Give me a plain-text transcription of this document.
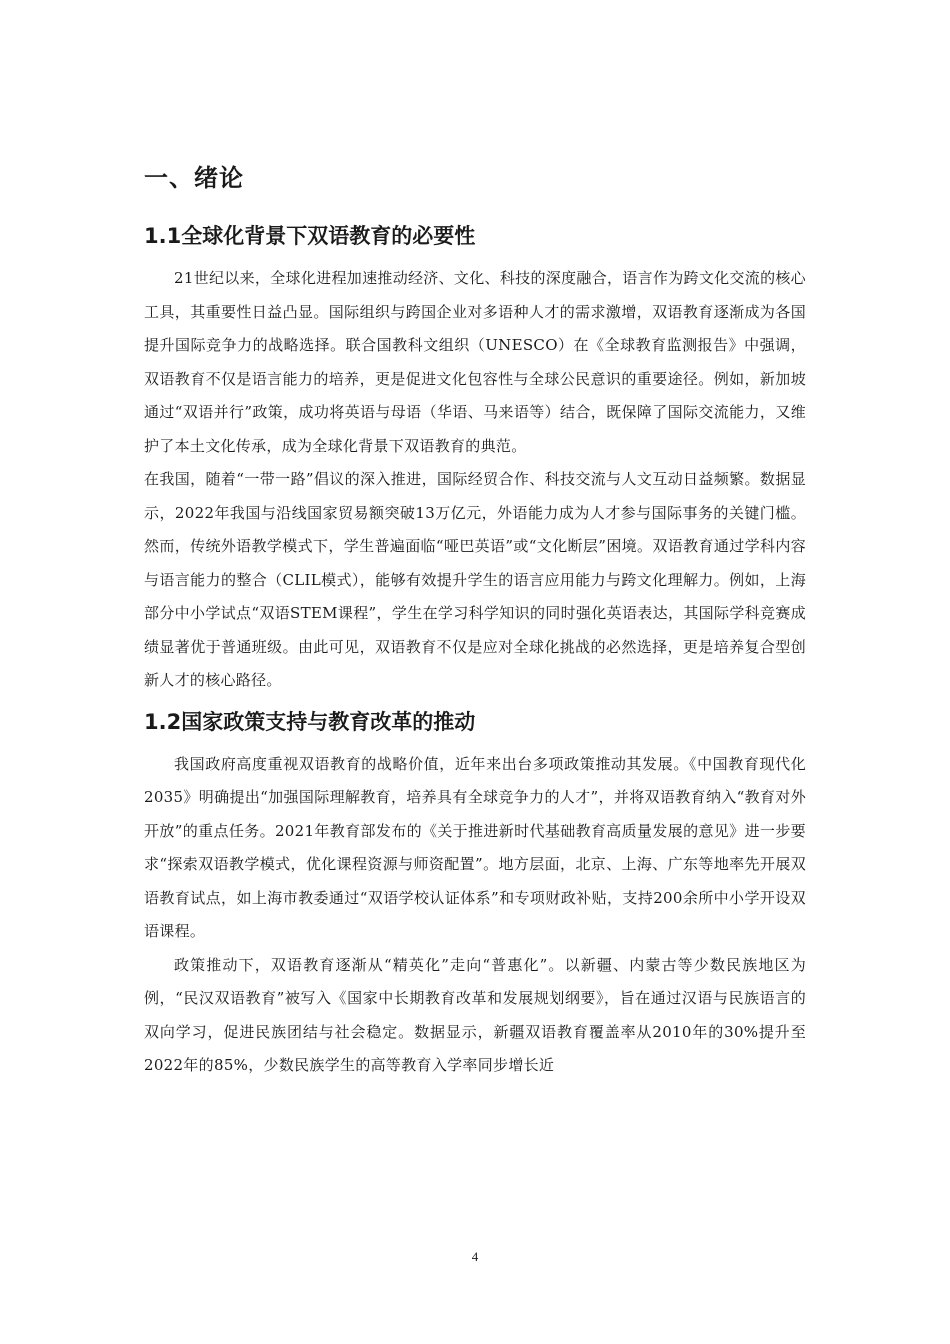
一、绪论
1.1全球化背景下双语教育的必要性

21世纪以来，全球化进程加速推动经济、文化、科技的深度融合，语言作为跨文化交流的核心工具，其重要性日益凸显。国际组织与跨国企业对多语种人才的需求激增，双语教育逐渐成为各国提升国际竞争力的战略选择。联合国教科文组织（UNESCO）在《全球教育监测报告》中强调，双语教育不仅是语言能力的培养，更是促进文化包容性与全球公民意识的重要途径。例如，新加坡通过“双语并行”政策，成功将英语与母语（华语、马来语等）结合，既保障了国际交流能力，又维护了本土文化传承，成为全球化背景下双语教育的典范。

在我国，随着“一带一路”倡议的深入推进，国际经贸合作、科技交流与人文互动日益频繁。数据显示，2022年我国与沿线国家贸易额突破13万亿元，外语能力成为人才参与国际事务的关键门槛。然而，传统外语教学模式下，学生普遍面临“哑巴英语”或“文化断层”困境。双语教育通过学科内容与语言能力的整合（CLIL模式），能够有效提升学生的语言应用能力与跨文化理解力。例如，上海部分中小学试点“双语STEM课程”，学生在学习科学知识的同时强化英语表达，其国际学科竞赛成绩显著优于普通班级。由此可见，双语教育不仅是应对全球化挑战的必然选择，更是培养复合型创新人才的核心路径。

1.2国家政策支持与教育改革的推动

我国政府高度重视双语教育的战略价值，近年来出台多项政策推动其发展。《中国教育现代化2035》明确提出“加强国际理解教育，培养具有全球竞争力的人才”，并将双语教育纳入“教育对外开放”的重点任务。2021年教育部发布的《关于推进新时代基础教育高质量发展的意见》进一步要求“探索双语教学模式，优化课程资源与师资配置”。地方层面，北京、上海、广东等地率先开展双语教育试点，如上海市教委通过“双语学校认证体系”和专项财政补贴，支持200余所中小学开设双语课程。

政策推动下，双语教育逐渐从“精英化”走向“普惠化”。以新疆、内蒙古等少数民族地区为例，“民汉双语教育”被写入《国家中长期教育改革和发展规划纲要》，旨在通过汉语与民族语言的双向学习，促进民族团结与社会稳定。数据显示，新疆双语教育覆盖率从2010年的30%提升至2022年的85%，少数民族学生的高等教育入学率同步增长近

4
